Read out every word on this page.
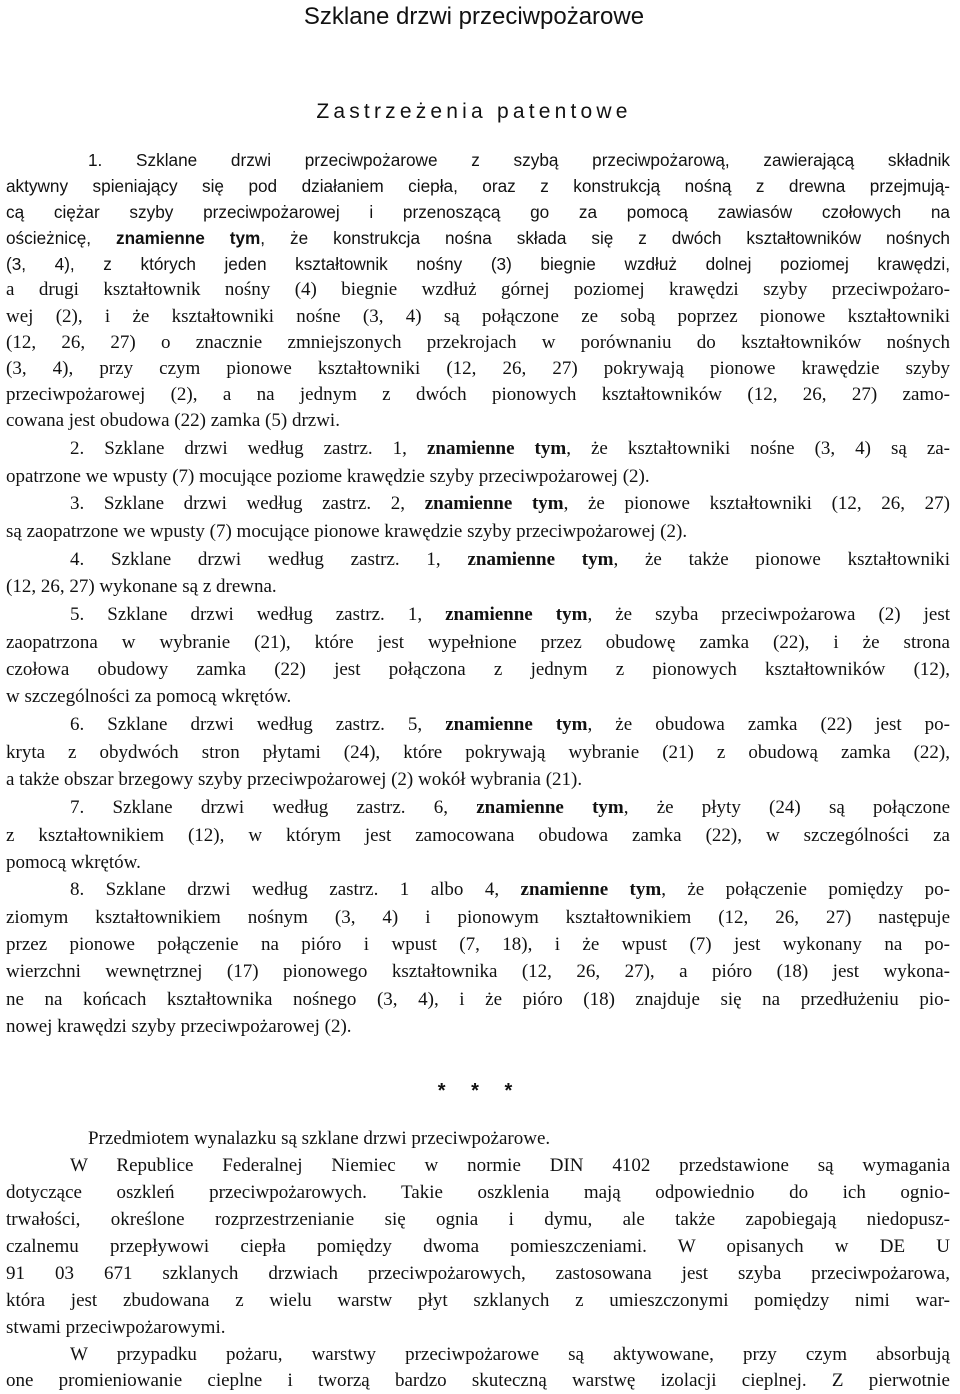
Szklane drzwi przeciwpożarowe
Zastrzeżenia patentowe
1. Szklane drzwi przeciwpożarowe z szybą przeciwpożarową, zawierającą składnik
aktywny spieniający się pod działaniem ciepła, oraz z konstrukcją nośną z drewna przejmują-
cą ciężar szyby przeciwpożarowej i przenoszącą go za pomocą zawiasów czołowych na
ościeżnicę, znamienne tym, że konstrukcja nośna składa się z dwóch kształtowników nośnych
(3, 4), z których jeden kształtownik nośny (3) biegnie wzdłuż dolnej poziomej krawędzi,
a drugi kształtownik nośny (4) biegnie wzdłuż górnej poziomej krawędzi szyby przeciwpożaro-
wej (2), i że kształtowniki nośne (3, 4) są połączone ze sobą poprzez pionowe kształtowniki
(12, 26, 27) o znacznie zmniejszonych przekrojach w porównaniu do kształtowników nośnych
(3, 4), przy czym pionowe kształtowniki (12, 26, 27) pokrywają pionowe krawędzie szyby
przeciwpożarowej (2), a na jednym z dwóch pionowych kształtowników (12, 26, 27) zamo-
cowana jest obudowa (22) zamka (5) drzwi.
2. Szklane drzwi według zastrz. 1, znamienne tym, że kształtowniki nośne (3, 4) są za-
opatrzone we wpusty (7) mocujące poziome krawędzie szyby przeciwpożarowej (2).
3. Szklane drzwi według zastrz. 2, znamienne tym, że pionowe kształtowniki (12, 26, 27)
są zaopatrzone we wpusty (7) mocujące pionowe krawędzie szyby przeciwpożarowej (2).
4. Szklane drzwi według zastrz. 1, znamienne tym, że także pionowe kształtowniki
(12, 26, 27) wykonane są z drewna.
5. Szklane drzwi według zastrz. 1, znamienne tym, że szyba przeciwpożarowa (2) jest
zaopatrzona w wybranie (21), które jest wypełnione przez obudowę zamka (22), i że strona
czołowa obudowy zamka (22) jest połączona z jednym z pionowych kształtowników (12),
w szczególności za pomocą wkrętów.
6. Szklane drzwi według zastrz. 5, znamienne tym, że obudowa zamka (22) jest po-
kryta z obydwóch stron płytami (24), które pokrywają wybranie (21) z obudową zamka (22),
a także obszar brzegowy szyby przeciwpożarowej (2) wokół wybrania (21).
7. Szklane drzwi według zastrz. 6, znamienne tym, że płyty (24) są połączone
z kształtownikiem (12), w którym jest zamocowana obudowa zamka (22), w szczególności za
pomocą wkrętów.
8. Szklane drzwi według zastrz. 1 albo 4, znamienne tym, że połączenie pomiędzy po-
ziomym kształtownikiem nośnym (3, 4) i pionowym kształtownikiem (12, 26, 27) następuje
przez pionowe połączenie na pióro i wpust (7, 18), i że wpust (7) jest wykonany na po-
wierzchni wewnętrznej (17) pionowego kształtownika (12, 26, 27), a pióro (18) jest wykona-
ne na końcach kształtownika nośnego (3, 4), i że pióro (18) znajduje się na przedłużeniu pio-
nowej krawędzi szyby przeciwpożarowej (2).
* * *
Przedmiotem wynalazku są szklane drzwi przeciwpożarowe.
W Republice Federalnej Niemiec w normie DIN 4102 przedstawione są wymagania
dotyczące oszkleń przeciwpożarowych. Takie oszklenia mają odpowiednio do ich ognio-
trwałości, określone rozprzestrzenianie się ognia i dymu, ale także zapobiegają niedopusz-
czalnemu przepływowi ciepła pomiędzy dwoma pomieszczeniami. W opisanych w DE U
91 03 671 szklanych drzwiach przeciwpożarowych, zastosowana jest szyba przeciwpożarowa,
która jest zbudowana z wielu warstw płyt szklanych z umieszczonymi pomiędzy nimi war-
stwami przeciwpożarowymi.
W przypadku pożaru, warstwy przeciwpożarowe są aktywowane, przy czym absorbują
one promieniowanie cieplne i tworzą bardzo skuteczną warstwę izolacji cieplnej. Z pierwotnie
